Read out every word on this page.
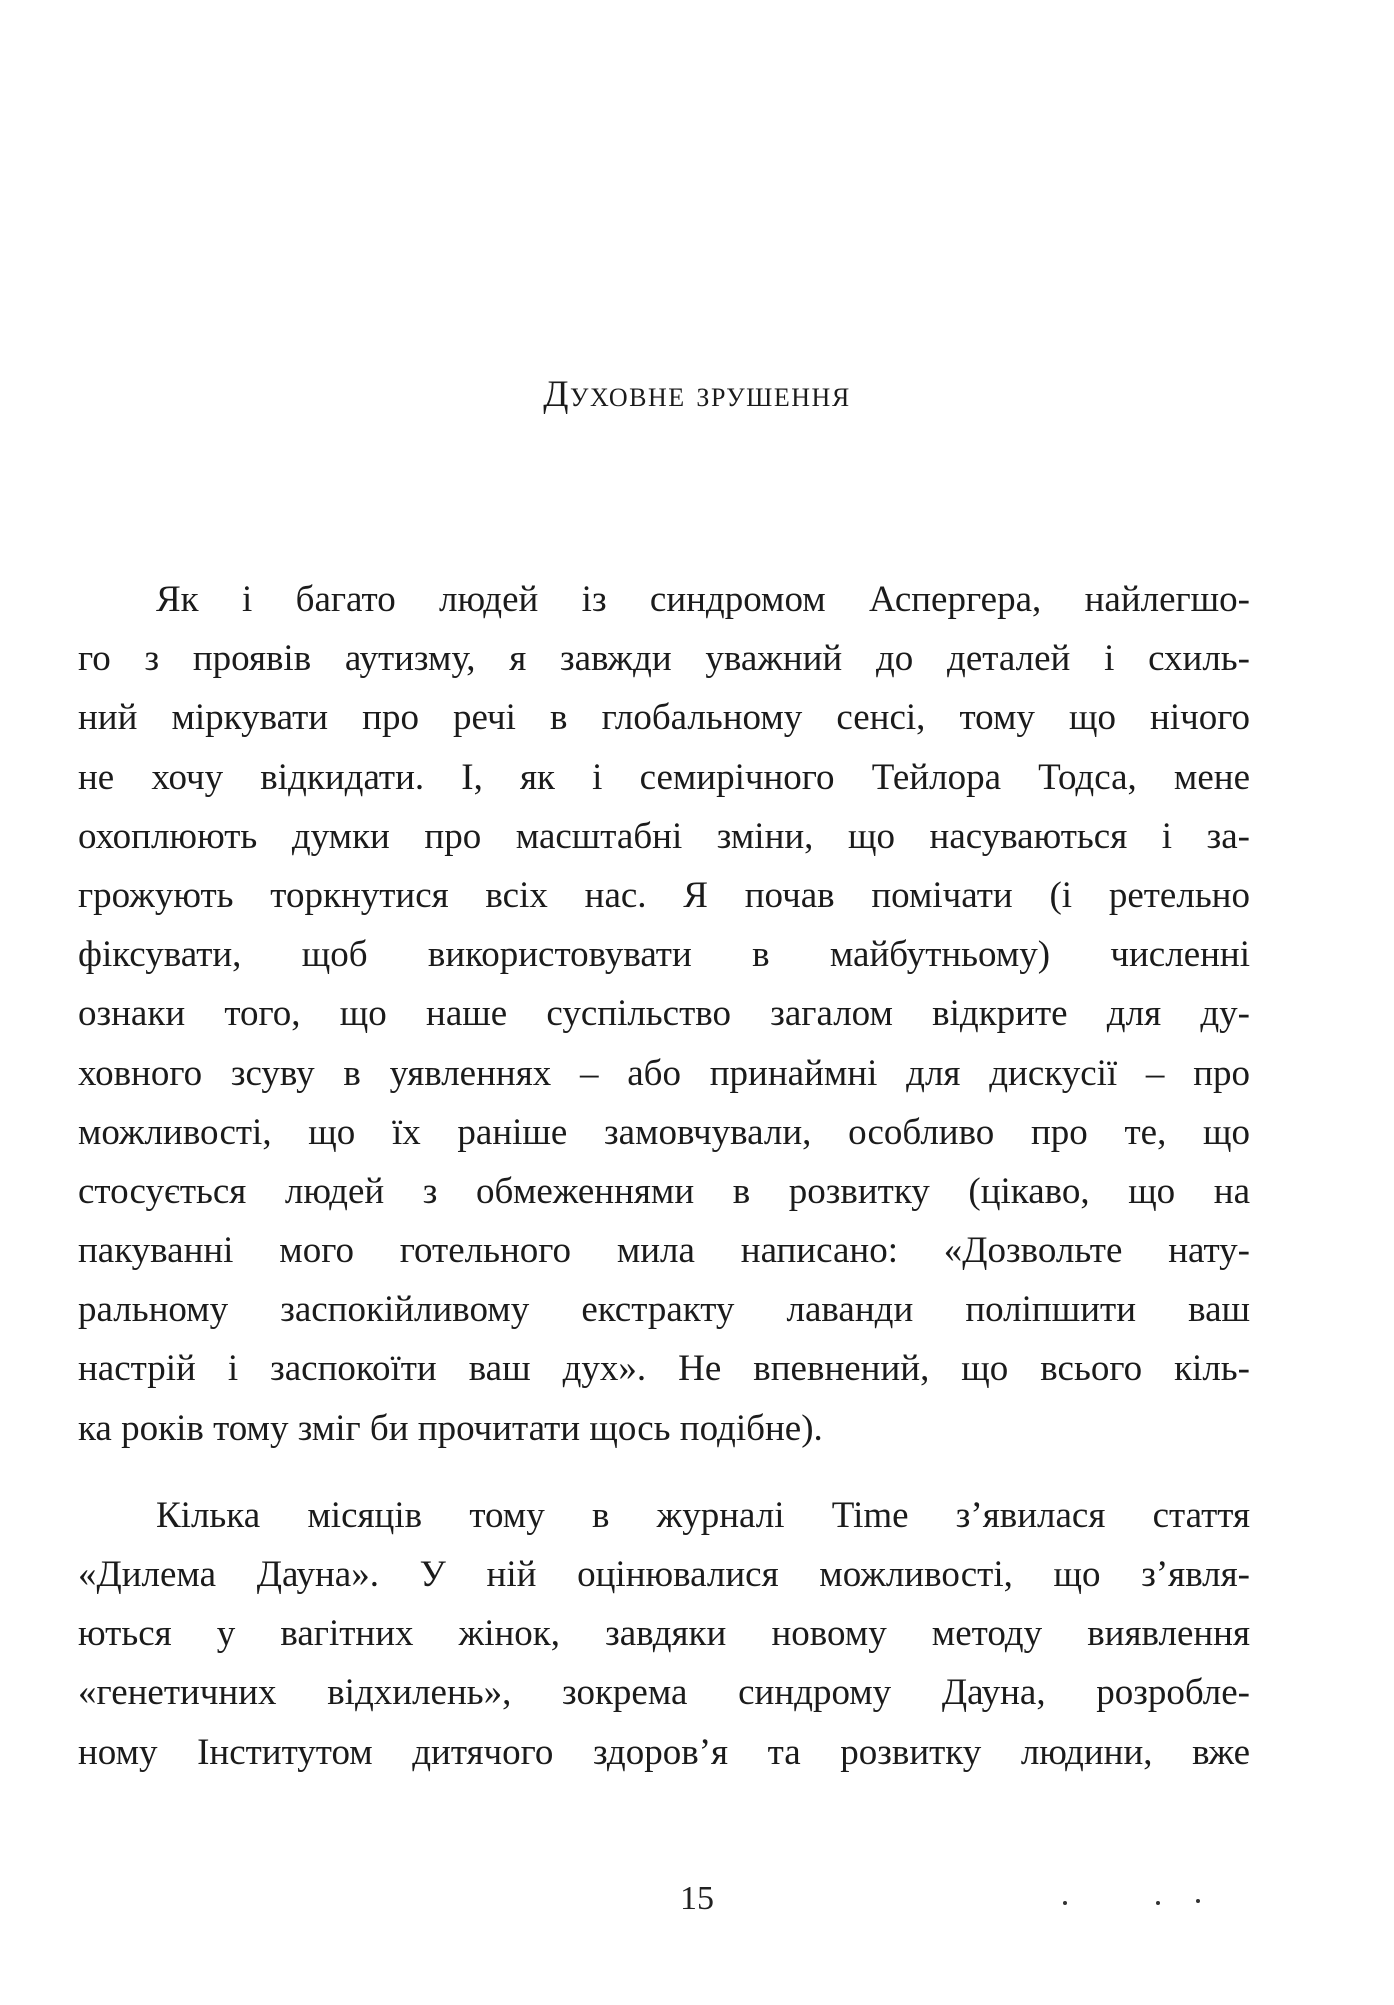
Духовне зрушення
Як і багато людей із синдромом Аспергера, найлегшо-
го з проявів аутизму, я завжди уважний до деталей і схиль-
ний міркувати про речі в глобальному сенсі, тому що нічого
не хочу відкидати. І, як і семирічного Тейлора Тодса, мене
охоплюють думки про масштабні зміни, що насуваються і за-
грожують торкнутися всіх нас. Я почав помічати (і ретельно
фіксувати, щоб використовувати в майбутньому) численні
ознаки того, що наше суспільство загалом відкрите для ду-
ховного зсуву в уявленнях – або принаймні для дискусії – про
можливості, що їх раніше замовчували, особливо про те, що
стосується людей з обмеженнями в розвитку (цікаво, що на
пакуванні мого готельного мила написано: «Дозвольте нату-
ральному заспокійливому екстракту лаванди поліпшити ваш
настрій і заспокоїти ваш дух». Не впевнений, що всього кіль-
ка років тому зміг би прочитати щось подібне).
Кілька місяців тому в журналі Time з’явилася стаття
«Дилема Дауна». У ній оцінювалися можливості, що з’явля-
ються у вагітних жінок, завдяки новому методу виявлення
«генетичних відхилень», зокрема синдрому Дауна, розробле-
ному Інститутом дитячого здоров’я та розвитку людини, вже
15
